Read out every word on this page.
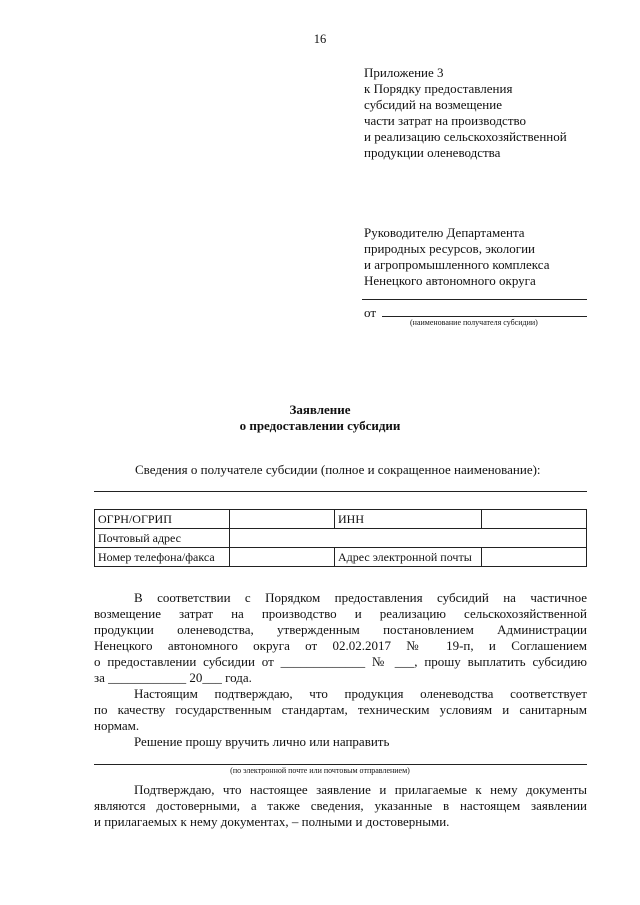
16
Приложение 3
к Порядку предоставления
субсидий на возмещение
части затрат на производство
и реализацию сельскохозяйственной
продукции оленеводства
Руководителю Департамента
природных ресурсов, экологии
и агропромышленного комплекса
Ненецкого автономного округа
от
(наименование получателя субсидии)
Заявление
о предоставлении субсидии
Сведения о получателе субсидии (полное и сокращенное наименование):
ОГРН/ОГРИП		ИНН	
Почтовый адрес			
Номер телефона/факса		Адрес электронной почты	
В соответствии с Порядком предоставления субсидий на частичное
возмещение затрат на производство и реализацию сельскохозяйственной
продукции оленеводства, утвержденным постановлением Администрации
Ненецкого автономного округа от 02.02.2017 № 19-п, и Соглашением
о предоставлении субсидии от _____________ № ___, прошу выплатить субсидию
за ____________ 20___ года.
Настоящим подтверждаю, что продукция оленеводства соответствует
по качеству государственным стандартам, техническим условиям и санитарным
нормам.
Решение прошу вручить лично или направить
(по электронной почте или почтовым отправлением)
Подтверждаю, что настоящее заявление и прилагаемые к нему документы
являются достоверными, а также сведения, указанные в настоящем заявлении
и прилагаемых к нему документах, – полными и достоверными.
